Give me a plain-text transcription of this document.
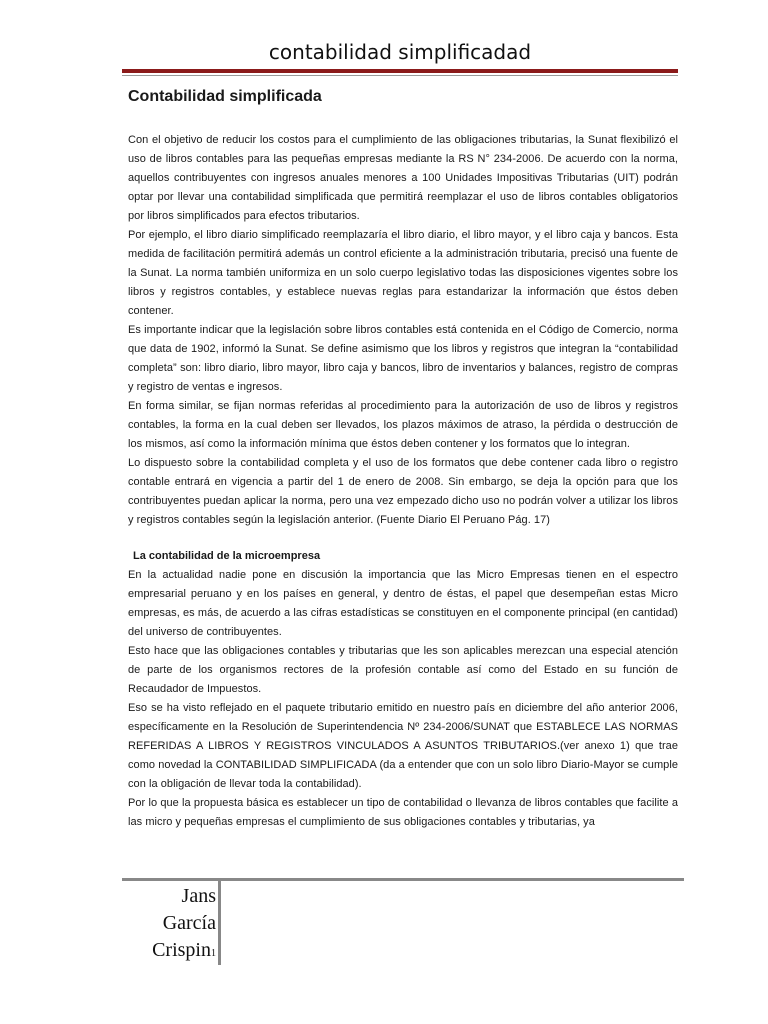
contabilidad simplificadad
Contabilidad simplificada

Con el objetivo de reducir los costos para el cumplimiento de las obligaciones tributarias, la Sunat flexibilizó el uso de libros contables para las pequeñas empresas mediante la RS N° 234-2006. De acuerdo con la norma, aquellos contribuyentes con ingresos anuales menores a 100 Unidades Impositivas Tributarias (UIT) podrán optar por llevar una contabilidad simplificada que permitirá reemplazar el uso de libros contables obligatorios por libros simplificados para efectos tributarios.

Por ejemplo, el libro diario simplificado reemplazaría el libro diario, el libro mayor, y el libro caja y bancos. Esta medida de facilitación permitirá además un control eficiente a la administración tributaria, precisó una fuente de la Sunat. La norma también uniformiza en un solo cuerpo legislativo todas las disposiciones vigentes sobre los libros y registros contables, y establece nuevas reglas para estandarizar la información que éstos deben contener.

Es importante indicar que la legislación sobre libros contables está contenida en el Código de Comercio, norma que data de 1902, informó la Sunat. Se define asimismo que los libros y registros que integran la “contabilidad completa” son: libro diario, libro mayor, libro caja y bancos, libro de inventarios y balances, registro de compras y registro de ventas e ingresos.

En forma similar, se fijan normas referidas al procedimiento para la autorización de uso de libros y registros contables, la forma en la cual deben ser llevados, los plazos máximos de atraso, la pérdida o destrucción de los mismos, así como la información mínima que éstos deben contener y los formatos que lo integran.

Lo dispuesto sobre la contabilidad completa y el uso de los formatos que debe contener cada libro o registro contable entrará en vigencia a partir del 1 de enero de 2008. Sin embargo, se deja la opción para que los contribuyentes puedan aplicar la norma, pero una vez empezado dicho uso no podrán volver a utilizar los libros y registros contables según la legislación anterior. (Fuente Diario El Peruano Pág. 17)

La contabilidad de la microempresa

En la actualidad nadie pone en discusión la importancia que las Micro Empresas tienen en el espectro empresarial peruano y en los países en general, y dentro de éstas, el papel que desempeñan estas Micro empresas, es más, de acuerdo a las cifras estadísticas se constituyen en el componente principal (en cantidad) del universo de contribuyentes.

Esto hace que las obligaciones contables y tributarias que les son aplicables merezcan una especial atención de parte de los organismos rectores de la profesión contable así como del Estado en su función de Recaudador de Impuestos.

Eso se ha visto reflejado en el paquete tributario emitido en nuestro país en diciembre del año anterior 2006, específicamente en la Resolución de Superintendencia Nº 234-2006/SUNAT que ESTABLECE LAS NORMAS REFERIDAS A LIBROS Y REGISTROS VINCULADOS A ASUNTOS TRIBUTARIOS.(ver anexo 1) que trae como novedad la CONTABILIDAD SIMPLIFICADA (da a entender que con un solo libro Diario-Mayor se cumple con la obligación de llevar toda la contabilidad).

Por lo que la propuesta básica es establecer un tipo de contabilidad o llevanza de libros contables que facilite a las micro y pequeñas empresas el cumplimiento de sus obligaciones contables y tributarias, ya

Jans
García
Crispin1
